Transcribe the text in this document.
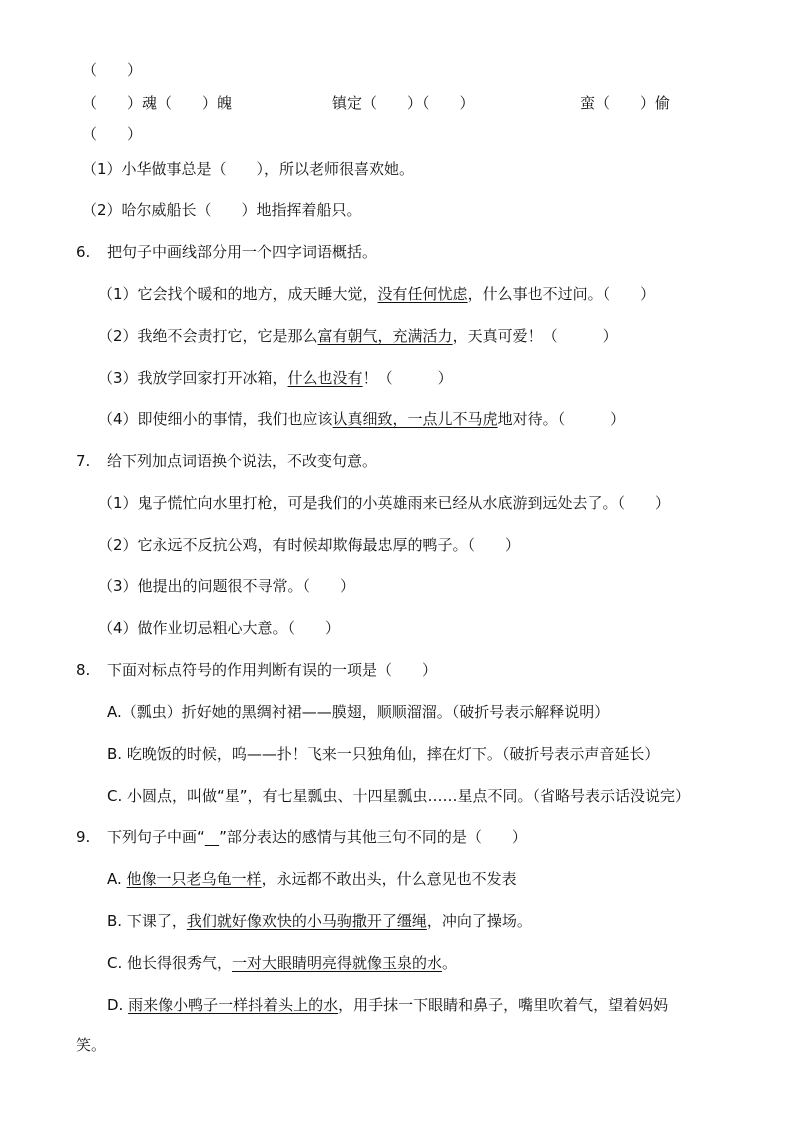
（　　）
（　　）魂（　　）魄	镇定（　　）（　　）	蛮（　　）偷
（　　）
（1）小华做事总是（　　），所以老师很喜欢她。
（2）哈尔威船长（　　）地指挥着船只。
6. 把句子中画线部分用一个四字词语概括。
（1）它会找个暖和的地方，成天睡大觉，没有任何忧虑，什么事也不过问。（　　）
（2）我绝不会责打它，它是那么富有朝气，充满活力，天真可爱！（　　　）
（3）我放学回家打开冰箱，什么也没有！（　　　）
（4）即使细小的事情，我们也应该认真细致，一点儿不马虎地对待。（　　　）
7. 给下列加点词语换个说法，不改变句意。
（1）鬼子慌忙向水里打枪，可是我们的小英雄雨来已经从水底游到远处去了。（　　）
（2）它永远不反抗公鸡，有时候却欺侮最忠厚的鸭子。（　　）
（3）他提出的问题很不寻常。（　　）
（4）做作业切忌粗心大意。（　　）
8. 下面对标点符号的作用判断有误的一项是（　　）
A.（瓢虫）折好她的黑绸衬裙——膜翅，顺顺溜溜。（破折号表示解释说明）
B. 吃晚饭的时候，呜——扑！飞来一只独角仙，摔在灯下。（破折号表示声音延长）
C. 小圆点，叫做“星”，有七星瓢虫、十四星瓢虫……星点不同。（省略号表示话没说完）
9. 下列句子中画“ ”部分表达的感情与其他三句不同的是（　　）
A. 他像一只老乌龟一样，永远都不敢出头，什么意见也不发表
B. 下课了，我们就好像欢快的小马驹撒开了缰绳，冲向了操场。
C. 他长得很秀气，一对大眼睛明亮得就像玉泉的水。
D. 雨来像小鸭子一样抖着头上的水，用手抹一下眼睛和鼻子，嘴里吹着气，望着妈妈
笑。
